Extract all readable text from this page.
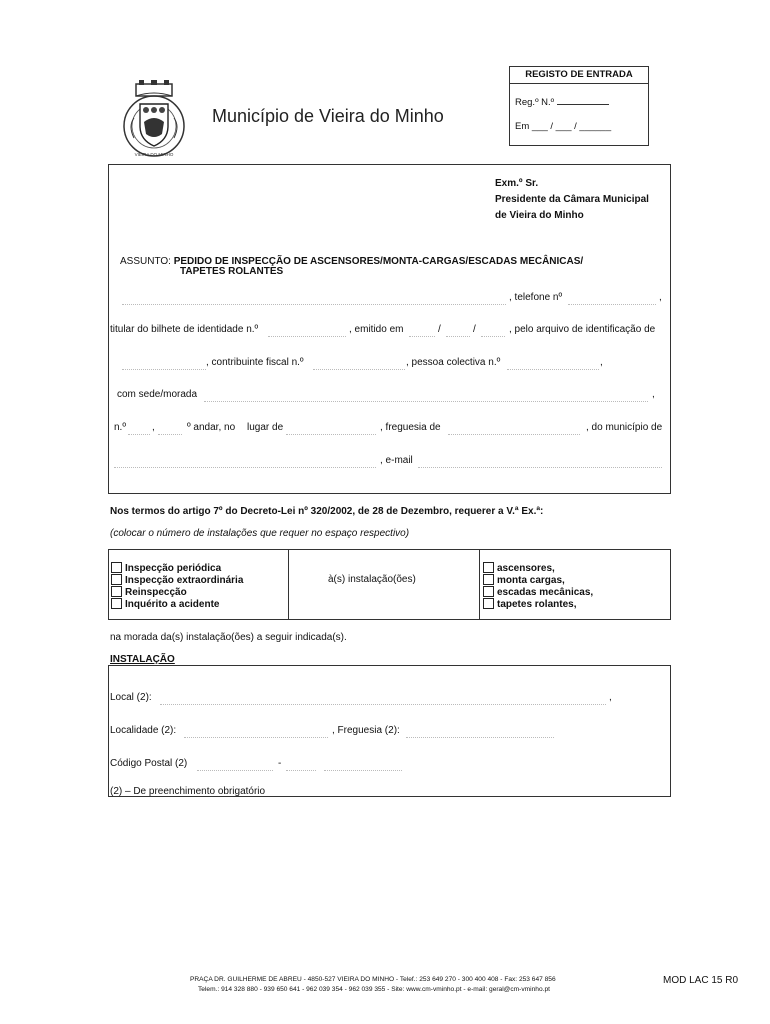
VIEIRA DO MINHO
Município de Vieira do Minho
REGISTO DE ENTRADA
Reg.º N.º
Em ___ / ___ / ______
Exm.º Sr.
Presidente da Câmara Municipal
de Vieira do Minho
ASSUNTO: PEDIDO DE INSPECÇÃO DE ASCENSORES/MONTA-CARGAS/ESCADAS MECÂNICAS/
TAPETES ROLANTES
, telefone nº	,
titular do bilhete de identidade n.º	, emitido em	/	/	, pelo arquivo de identificação de
, contribuinte fiscal n.º	, pessoa colectiva n.º	,
com sede/morada	,
n.º	,	º andar, no lugar de	, freguesia de	, do município de
, e-mail
Nos termos do artigo 7º do Decreto-Lei nº 320/2002, de 28 de Dezembro, requerer a V.ª Ex.ª:
(colocar o número de instalações que requer no espaço respectivo)
Inspecção periódica
Inspecção extraordinária
Reinspecção
Inquérito a acidente
à(s) instalação(ões)
ascensores,
monta cargas,
escadas mecânicas,
tapetes rolantes,
na morada da(s) instalação(ões) a seguir indicada(s).
INSTALAÇÃO
Local (2):	,
Localidade (2):	, Freguesia (2):
Código Postal (2)	-
(2) – De preenchimento obrigatório
PRAÇA DR. GUILHERME DE ABREU - 4850-527 VIEIRA DO MINHO - Telef.: 253 649 270 - 300 400 408 - Fax: 253 647 856
Telem.: 914 328 880 - 939 650 641 - 962 039 354 - 962 039 355 - Site: www.cm-vminho.pt - e-mail: geral@cm-vminho.pt
MOD LAC 15 R0
